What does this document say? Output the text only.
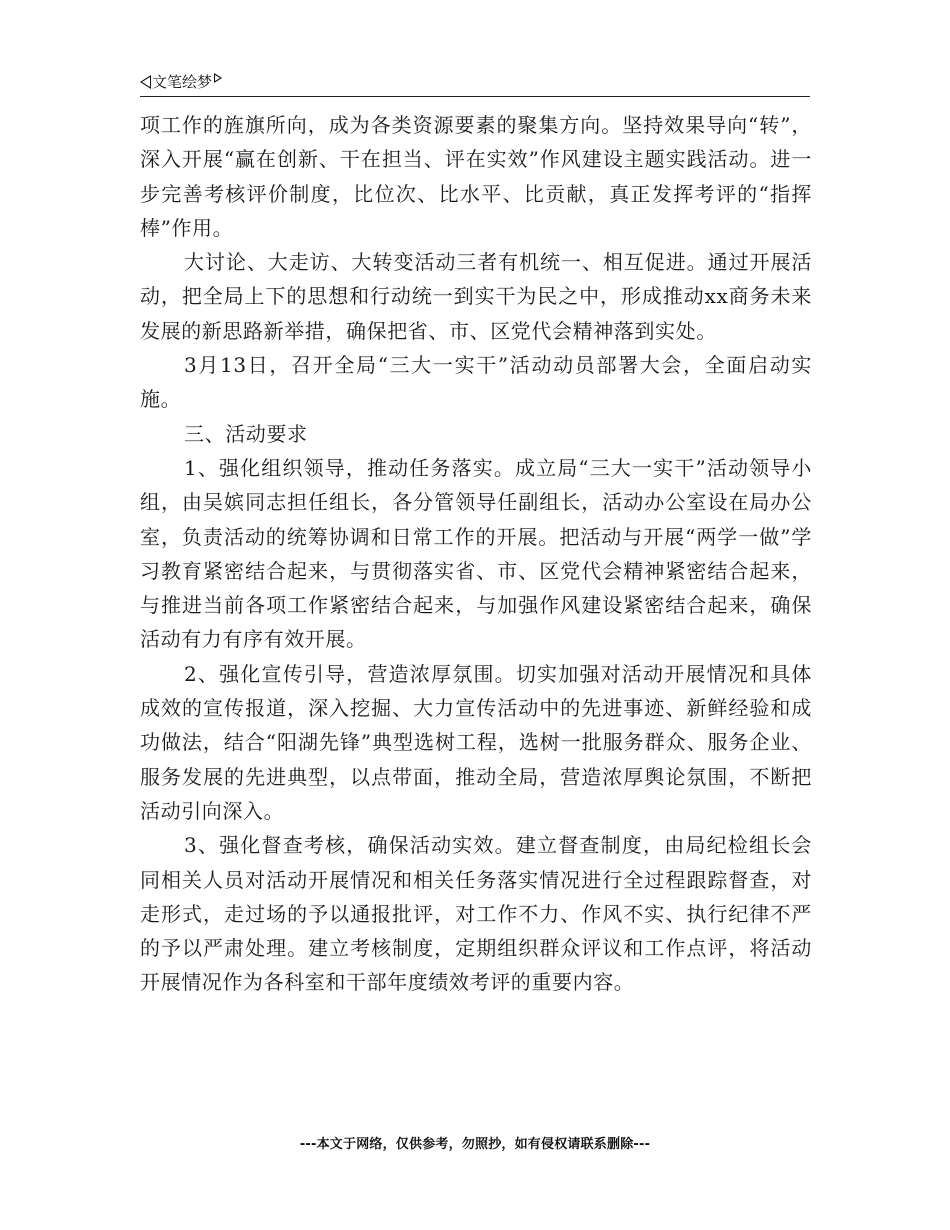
文笔绘梦

项工作的旌旗所向，成为各类资源要素的聚集方向。坚持效果导向“转”，深入开展“赢在创新、干在担当、评在实效”作风建设主题实践活动。进一步完善考核评价制度，比位次、比水平、比贡献，真正发挥考评的“指挥棒”作用。

大讨论、大走访、大转变活动三者有机统一、相互促进。通过开展活动，把全局上下的思想和行动统一到实干为民之中，形成推动xx商务未来发展的新思路新举措，确保把省、市、区党代会精神落到实处。

3月13日，召开全局“三大一实干”活动动员部署大会，全面启动实施。

三、活动要求

1、强化组织领导，推动任务落实。成立局“三大一实干”活动领导小组，由吴嫔同志担任组长，各分管领导任副组长，活动办公室设在局办公室，负责活动的统筹协调和日常工作的开展。把活动与开展“两学一做”学习教育紧密结合起来，与贯彻落实省、市、区党代会精神紧密结合起来，与推进当前各项工作紧密结合起来，与加强作风建设紧密结合起来，确保活动有力有序有效开展。

2、强化宣传引导，营造浓厚氛围。切实加强对活动开展情况和具体成效的宣传报道，深入挖掘、大力宣传活动中的先进事迹、新鲜经验和成功做法，结合“阳湖先锋”典型选树工程，选树一批服务群众、服务企业、服务发展的先进典型，以点带面，推动全局，营造浓厚舆论氛围，不断把活动引向深入。

3、强化督查考核，确保活动实效。建立督查制度，由局纪检组长会同相关人员对活动开展情况和相关任务落实情况进行全过程跟踪督查，对走形式，走过场的予以通报批评，对工作不力、作风不实、执行纪律不严的予以严肃处理。建立考核制度，定期组织群众评议和工作点评，将活动开展情况作为各科室和干部年度绩效考评的重要内容。

---本文于网络，仅供参考，勿照抄，如有侵权请联系删除---
